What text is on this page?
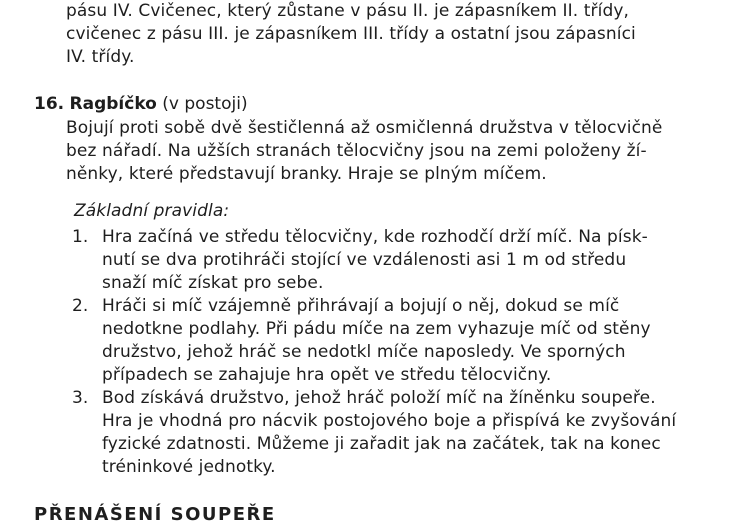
pásu IV. Cvičenec, který zůstane v pásu II. je zápasníkem II. třídy,
cvičenec z pásu III. je zápasníkem III. třídy a ostatní jsou zápasníci
IV. třídy.
16. Ragbíčko (v postoji)
Bojují proti sobě dvě šestičlenná až osmičlenná družstva v tělocvičně
bez nářadí. Na užších stranách tělocvičny jsou na zemi položeny ží-
něnky, které představují branky. Hraje se plným míčem.
Základní pravidla:
1. Hra začíná ve středu tělocvičny, kde rozhodčí drží míč. Na písk-
nutí se dva protihráči stojící ve vzdálenosti asi 1 m od středu
snaží míč získat pro sebe.
2. Hráči si míč vzájemně přihrávají a bojují o něj, dokud se míč
nedotkne podlahy. Při pádu míče na zem vyhazuje míč od stěny
družstvo, jehož hráč se nedotkl míče naposledy. Ve sporných
případech se zahajuje hra opět ve středu tělocvičny.
3. Bod získává družstvo, jehož hráč položí míč na žíněnku soupeře.
Hra je vhodná pro nácvik postojového boje a přispívá ke zvyšování
fyzické zdatnosti. Můžeme ji zařadit jak na začátek, tak na konec
tréninkové jednotky.
PŘENÁŠENÍ SOUPEŘE
